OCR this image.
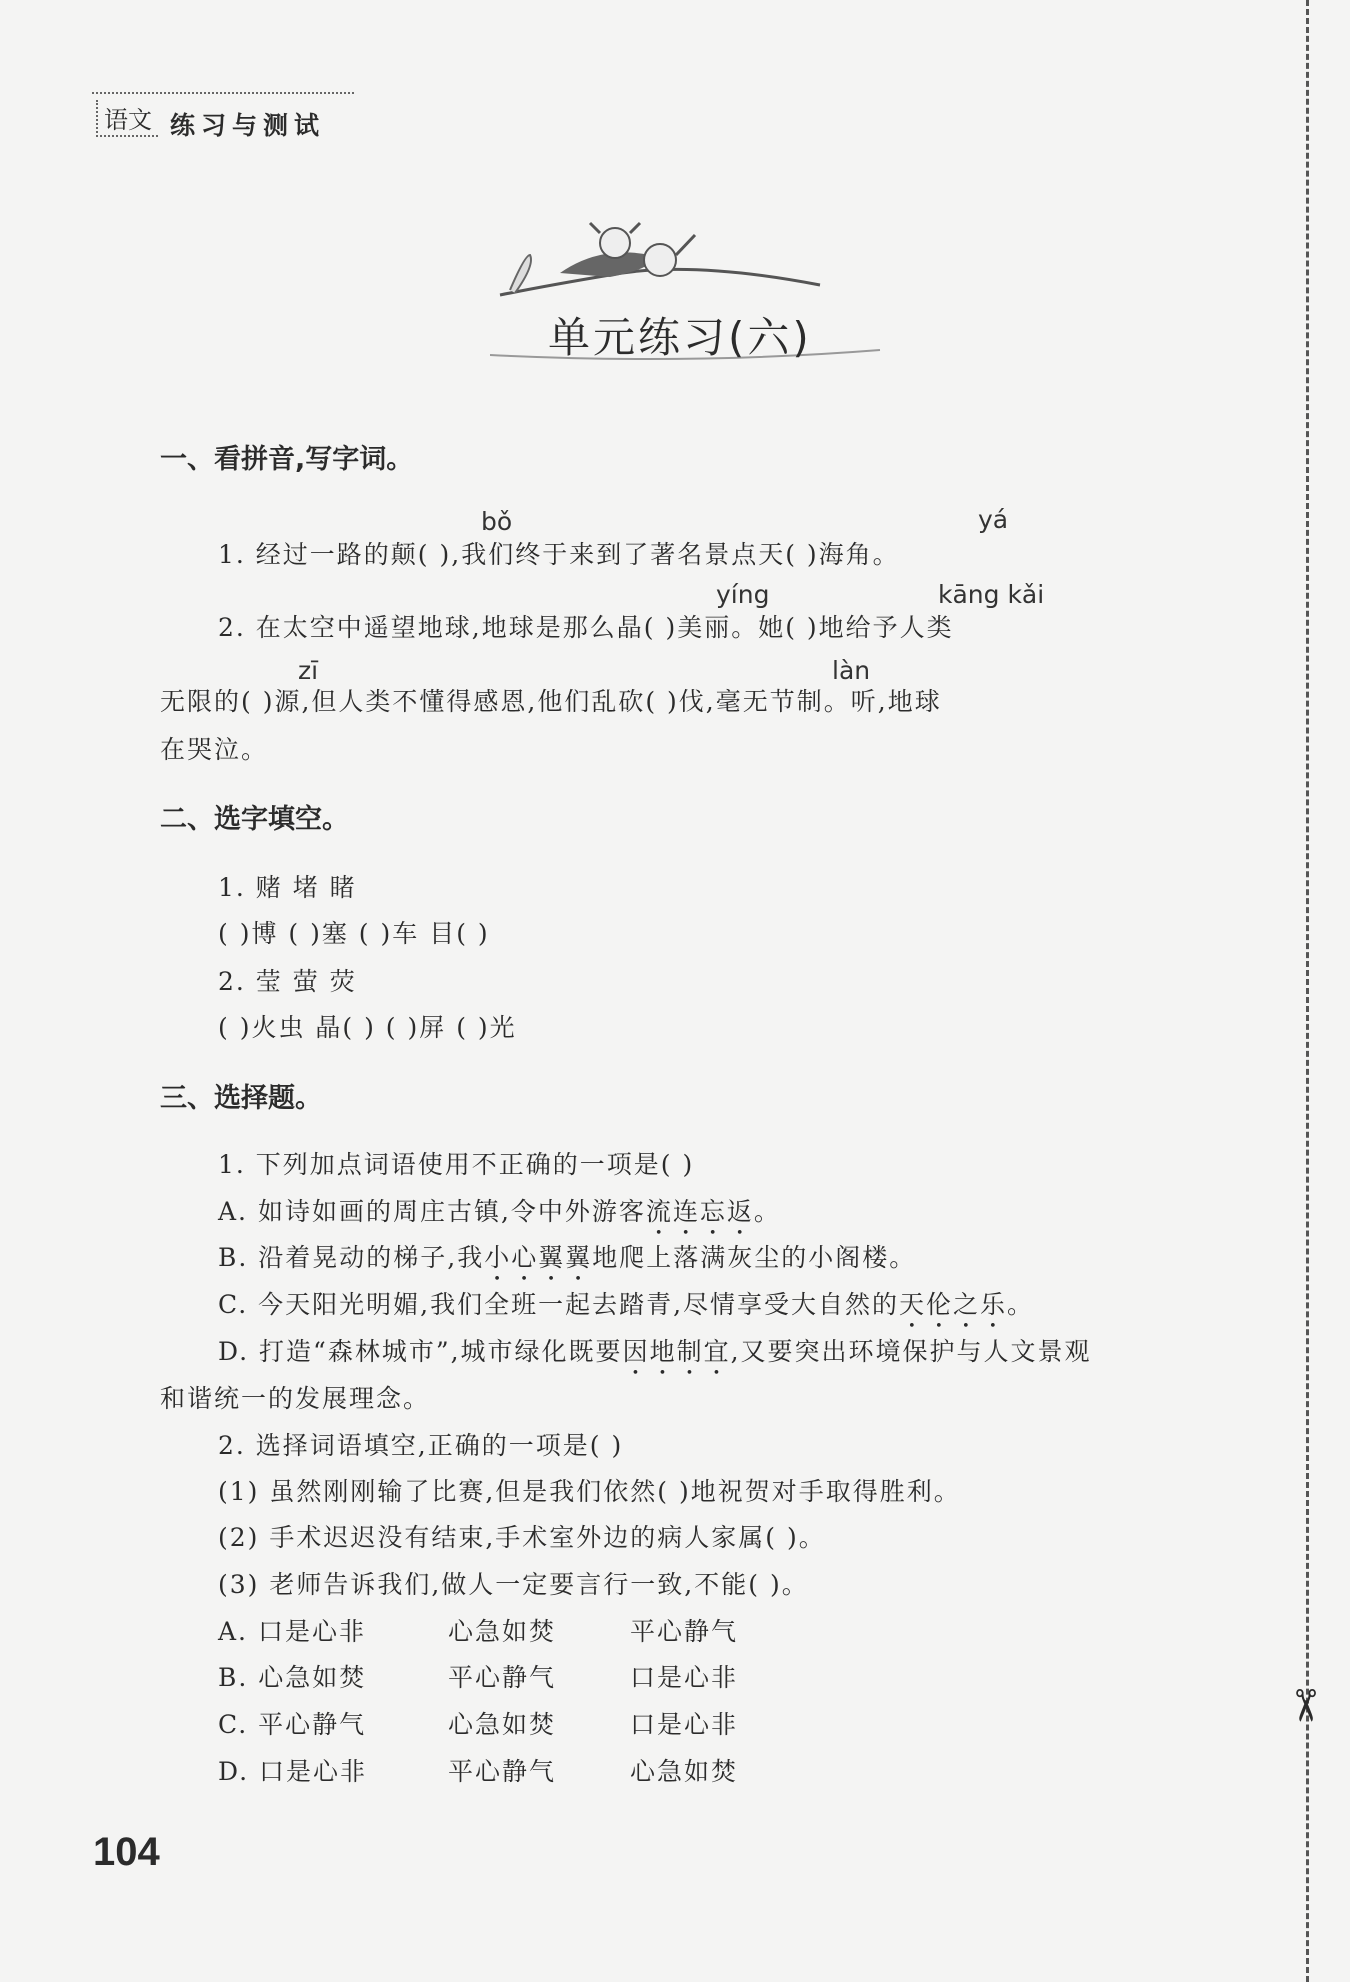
语文 练习与测试
单元练习(六)
一、看拼音,写字词。
bǒ	yá
1. 经过一路的颠( ),我们终于来到了著名景点天( )海角。
yíng	kāng kǎi
2. 在太空中遥望地球,地球是那么晶( )美丽。她( )地给予人类
zī	làn
无限的( )源,但人类不懂得感恩,他们乱砍( )伐,毫无节制。听,地球
在哭泣。
二、选字填空。
1. 赌 堵 睹
( )博 ( )塞 ( )车 目( )
2. 莹 萤 荧
( )火虫 晶( ) ( )屏 ( )光
三、选择题。
1. 下列加点词语使用不正确的一项是( )
A. 如诗如画的周庄古镇,令中外游客流连忘返。
B. 沿着晃动的梯子,我小心翼翼地爬上落满灰尘的小阁楼。
C. 今天阳光明媚,我们全班一起去踏青,尽情享受大自然的天伦之乐。
D. 打造“森林城市”,城市绿化既要因地制宜,又要突出环境保护与人文景观
和谐统一的发展理念。
2. 选择词语填空,正确的一项是( )
(1) 虽然刚刚输了比赛,但是我们依然( )地祝贺对手取得胜利。
(2) 手术迟迟没有结束,手术室外边的病人家属( )。
(3) 老师告诉我们,做人一定要言行一致,不能( )。
A. 口是心非	心急如焚	平心静气
B. 心急如焚	平心静气	口是心非
C. 平心静气	心急如焚	口是心非
D. 口是心非	平心静气	心急如焚
104
✂
